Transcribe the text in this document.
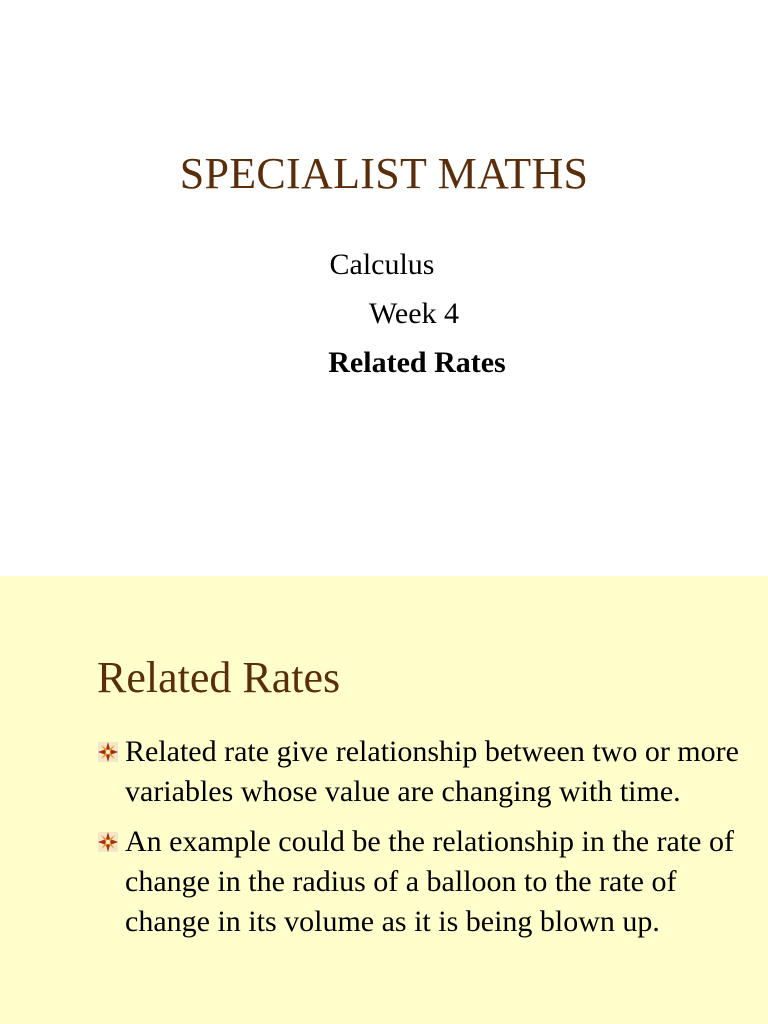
SPECIALIST MATHS

Calculus

Week 4

Related Rates

Related Rates
Related rate give relationship between two or more variables whose value are changing with time.
An example could be the relationship in the rate of change in the radius of a balloon to the rate of change in its volume as it is being blown up.
